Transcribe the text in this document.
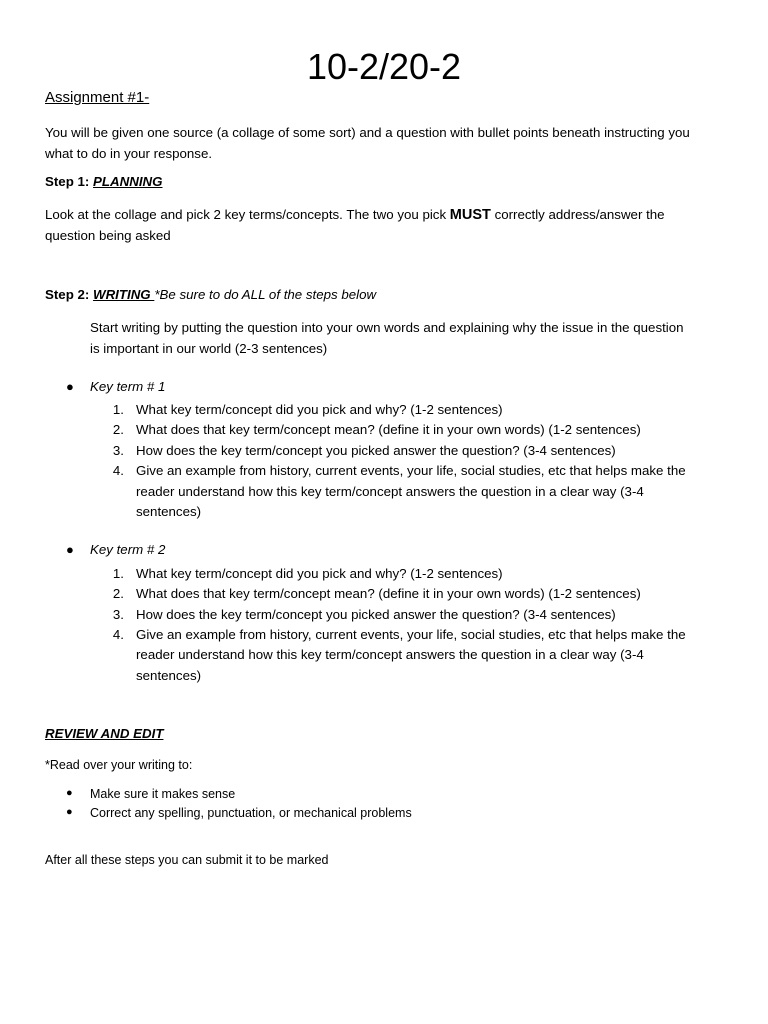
10-2/20-2
Assignment #1-
You will be given one source (a collage of some sort) and a question with bullet points beneath instructing you
what to do in your response.
Step 1: PLANNING
Look at the collage and pick 2 key terms/concepts. The two you pick MUST correctly address/answer the
question being asked
Step 2: WRITING *Be sure to do ALL of the steps below
Start writing by putting the question into your own words and explaining why the issue in the question
is important in our world (2-3 sentences)
● Key term # 1
1. What key term/concept did you pick and why? (1-2 sentences)
2. What does that key term/concept mean? (define it in your own words) (1-2 sentences)
3. How does the key term/concept you picked answer the question? (3-4 sentences)
4. Give an example from history, current events, your life, social studies, etc that helps make the
reader understand how this key term/concept answers the question in a clear way (3-4
sentences)
● Key term # 2
1. What key term/concept did you pick and why? (1-2 sentences)
2. What does that key term/concept mean? (define it in your own words) (1-2 sentences)
3. How does the key term/concept you picked answer the question? (3-4 sentences)
4. Give an example from history, current events, your life, social studies, etc that helps make the
reader understand how this key term/concept answers the question in a clear way (3-4
sentences)
REVIEW AND EDIT
*Read over your writing to:
● Make sure it makes sense
● Correct any spelling, punctuation, or mechanical problems
After all these steps you can submit it to be marked
